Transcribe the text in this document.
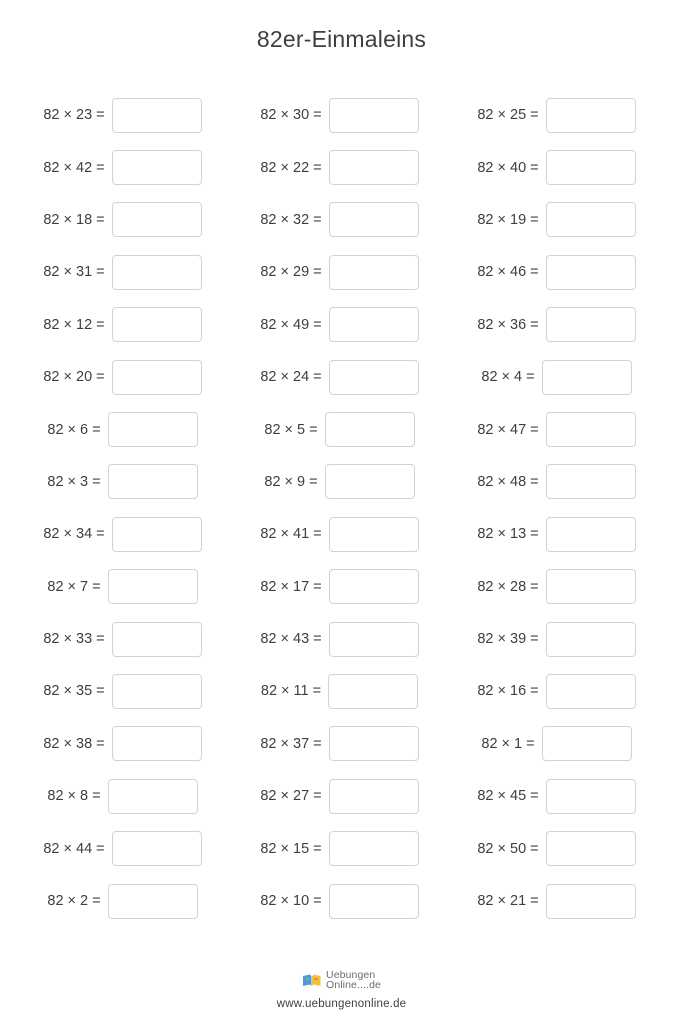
82er-Einmaleins
82 × 23 =	82 × 30 =	82 × 25 =
82 × 42 =	82 × 22 =	82 × 40 =
82 × 18 =	82 × 32 =	82 × 19 =
82 × 31 =	82 × 29 =	82 × 46 =
82 × 12 =	82 × 49 =	82 × 36 =
82 × 20 =	82 × 24 =	82 × 4 =
82 × 6 =	82 × 5 =	82 × 47 =
82 × 3 =	82 × 9 =	82 × 48 =
82 × 34 =	82 × 41 =	82 × 13 =
82 × 7 =	82 × 17 =	82 × 28 =
82 × 33 =	82 × 43 =	82 × 39 =
82 × 35 =	82 × 11 =	82 × 16 =
82 × 38 =	82 × 37 =	82 × 1 =
82 × 8 =	82 × 27 =	82 × 45 =
82 × 44 =	82 × 15 =	82 × 50 =
82 × 2 =	82 × 10 =	82 × 21 =
Uebungen
Online....de
www.uebungenonline.de
